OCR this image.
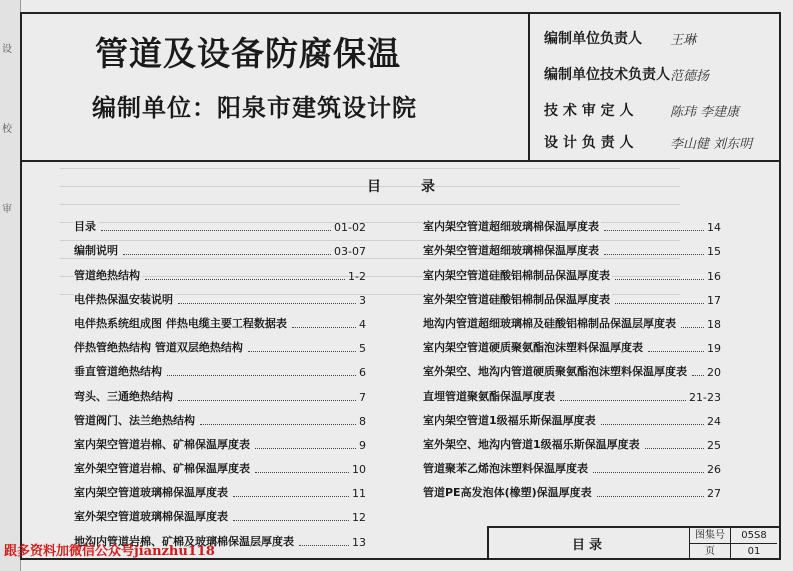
设
校
审
管道及设备防腐保温
编制单位：阳泉市建筑设计院
编制单位负责人 王琳
编制单位技术负责人 范德扬
技 术 审 定 人	陈玮 李建康
设 计 负 责 人	李山健 刘东明
目录
目录	01-02
编制说明	03-07
管道绝热结构	1-2
电伴热保温安装说明	3
电伴热系统组成图 伴热电缆主要工程数据表	4
伴热管绝热结构 管道双层绝热结构	5
垂直管道绝热结构	6
弯头、三通绝热结构	7
管道阀门、法兰绝热结构	8
室内架空管道岩棉、矿棉保温厚度表	9
室外架空管道岩棉、矿棉保温厚度表	10
室内架空管道玻璃棉保温厚度表	11
室外架空管道玻璃棉保温厚度表	12
地沟内管道岩棉、矿棉及玻璃棉保温层厚度表	13
室内架空管道超细玻璃棉保温厚度表	14
室外架空管道超细玻璃棉保温厚度表	15
室内架空管道硅酸铝棉制品保温厚度表	16
室外架空管道硅酸铝棉制品保温厚度表	17
地沟内管道超细玻璃棉及硅酸铝棉制品保温层厚度表	18
室内架空管道硬质聚氨酯泡沫塑料保温厚度表	19
室外架空、地沟内管道硬质聚氨酯泡沫塑料保温厚度表 20
直埋管道聚氨酯保温厚度表	21-23
室内架空管道1级福乐斯保温厚度表	24
室外架空、地沟内管道1级福乐斯保温厚度表	25
管道聚苯乙烯泡沫塑料保温厚度表	26
管道PE高发泡体(橡塑)保温厚度表	27
目录
图集号	05S8
页	01
跟多资料加微信公众号jianzhu118
